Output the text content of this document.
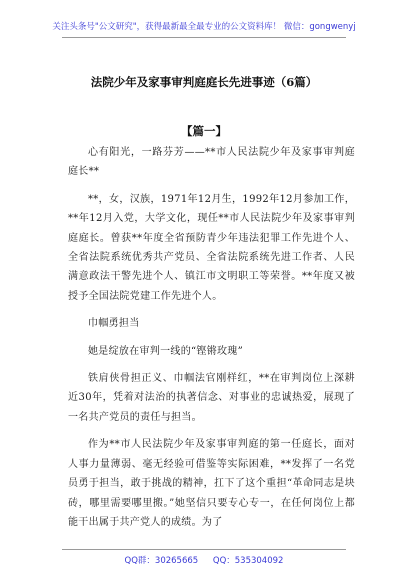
关注头条号"公文研究"，获得最新最全最专业的公文资料库！ 微信：gongwenyj
法院少年及家事审判庭庭长先进事迹（6篇）
【篇一】

心有阳光，一路芬芳——**市人民法院少年及家事审判庭庭长**

**，女，汉族，1971年12月生，1992年12月参加工作，**年12月入党，大学文化，现任**市人民法院少年及家事审判庭庭长。曾获**年度全省预防青少年违法犯罪工作先进个人、全省法院系统优秀共产党员、全省法院系统先进工作者、人民满意政法干警先进个人、镇江市文明职工等荣誉。**年度又被授予全国法院党建工作先进个人。

巾帼勇担当

她是绽放在审判一线的“铿锵玫瑰”

铁肩侠骨担正义、巾帼法官刚样红，**在审判岗位上深耕近30年，凭着对法治的执著信念、对事业的忠诚热爱，展现了一名共产党员的责任与担当。

作为**市人民法院少年及家事审判庭的第一任庭长，面对人事力量薄弱、毫无经验可借鉴等实际困难，**发挥了一名党员勇于担当，敢于挑战的精神，扛下了这个重担“革命同志是块砖，哪里需要哪里搬。”她坚信只要专心专一，在任何岗位上都能干出属于共产党人的成绩。为了

QQ群：30265665 QQ：535304092
